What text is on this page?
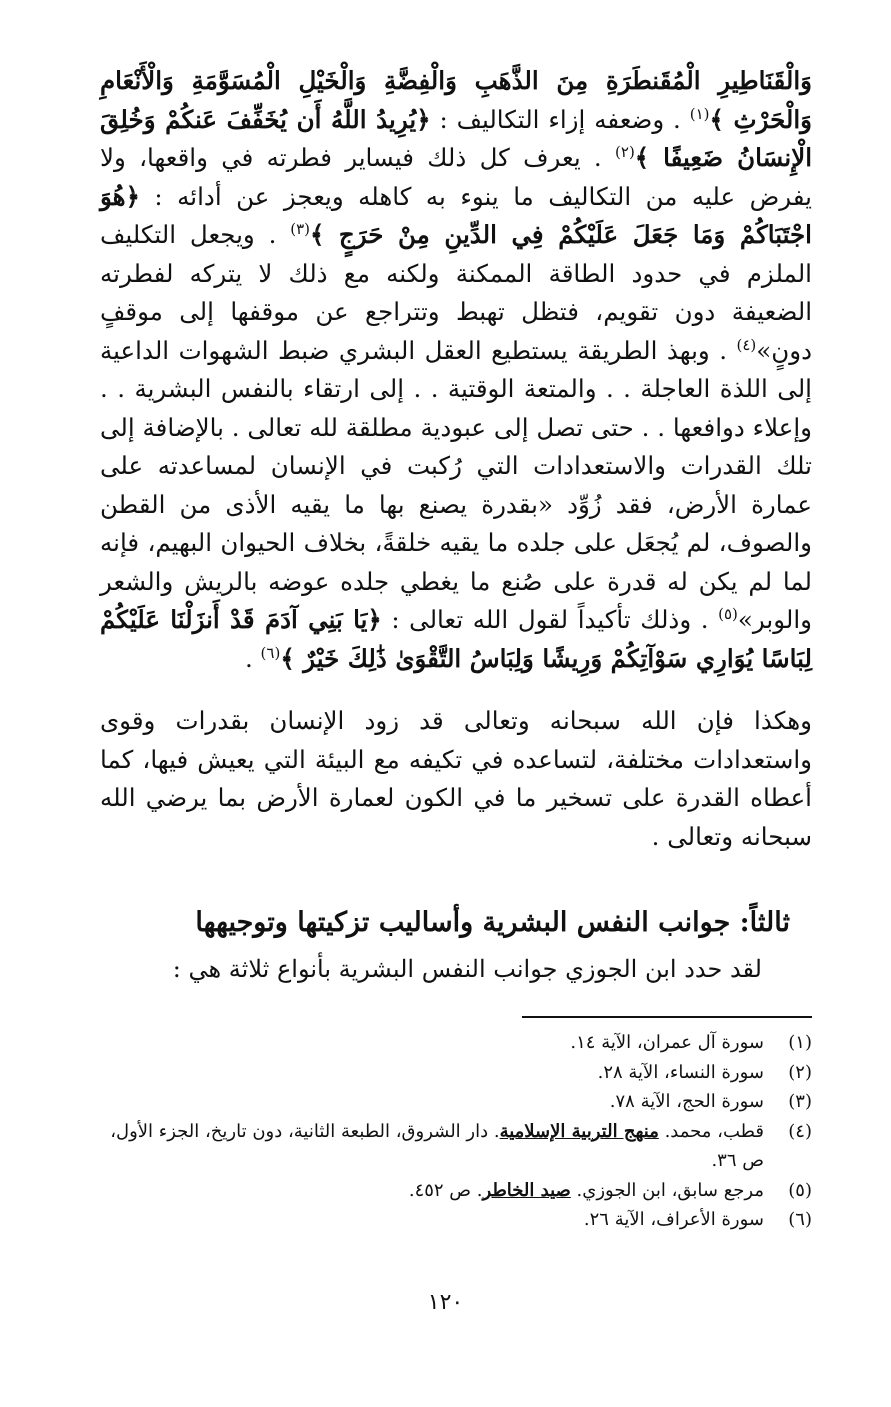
وَالْقَنَاطِيرِ الْمُقَنطَرَةِ مِنَ الذَّهَبِ وَالْفِضَّةِ وَالْخَيْلِ الْمُسَوَّمَةِ وَالْأَنْعَامِ وَالْحَرْثِ ﴾$^{(١)}$ . وضعفه إزاء التكاليف : ﴿يُرِيدُ اللَّهُ أَن يُخَفِّفَ عَنكُمْ وَخُلِقَ الْإِنسَانُ ضَعِيفًا ﴾$^{(٢)}$ . يعرف كل ذلك فيساير فطرته في واقعها، ولا يفرض عليه من التكاليف ما ينوء به كاهله ويعجز عن أدائه : ﴿هُوَ اجْتَبَاكُمْ وَمَا جَعَلَ عَلَيْكُمْ فِي الدِّينِ مِنْ حَرَجٍ ﴾$^{(٣)}$ . ويجعل التكليف الملزم في حدود الطاقة الممكنة ولكنه مع ذلك لا يتركه لفطرته الضعيفة دون تقويم، فتظل تهبط وتتراجع عن موقفها إلى موقفٍ دونٍ»$^{(٤)}$ . وبهذ الطريقة يستطيع العقل البشري ضبط الشهوات الداعية إلى اللذة العاجلة . . والمتعة الوقتية . . إلى ارتقاء بالنفس البشرية . . وإعلاء دوافعها . . حتى تصل إلى عبودية مطلقة لله تعالى . بالإضافة إلى تلك القدرات والاستعدادات التي رُكبت في الإنسان لمساعدته على عمارة الأرض، فقد زُوِّد «بقدرة يصنع بها ما يقيه الأذى من القطن والصوف، لم يُجعَل على جلده ما يقيه خلقةً، بخلاف الحيوان البهيم، فإنه لما لم يكن له قدرة على صُنع ما يغطي جلده عوضه بالريش والشعر والوبر»$^{(٥)}$ . وذلك تأكيداً لقول الله تعالى : ﴿يَا بَنِي آدَمَ قَدْ أَنزَلْنَا عَلَيْكُمْ لِبَاسًا يُوَارِي سَوْآتِكُمْ وَرِيشًا وَلِبَاسُ التَّقْوَىٰ ذَٰلِكَ خَيْرٌ ﴾$^{(٦)}$ .

وهكذا فإن الله سبحانه وتعالى قد زود الإنسان بقدرات وقوى واستعدادات مختلفة، لتساعده في تكيفه مع البيئة التي يعيش فيها، كما أعطاه القدرة على تسخير ما في الكون لعمارة الأرض بما يرضي الله سبحانه وتعالى .

ثالثاً: جوانب النفس البشرية وأساليب تزكيتها وتوجيهها

لقد حدد ابن الجوزي جوانب النفس البشرية بأنواع ثلاثة هي :

(١)
سورة آل عمران، الآية ١٤.
(٢)
سورة النساء، الآية ٢٨.
(٣)
سورة الحج، الآية ٧٨.
(٤)
قطب، محمد. منهج التربية الإسلامية. دار الشروق، الطبعة الثانية، دون تاريخ، الجزء الأول، ص ٣٦.
(٥)
مرجع سابق، ابن الجوزي. صيد الخاطر. ص ٤٥٢.
(٦)
سورة الأعراف، الآية ٢٦.
١٢٠
